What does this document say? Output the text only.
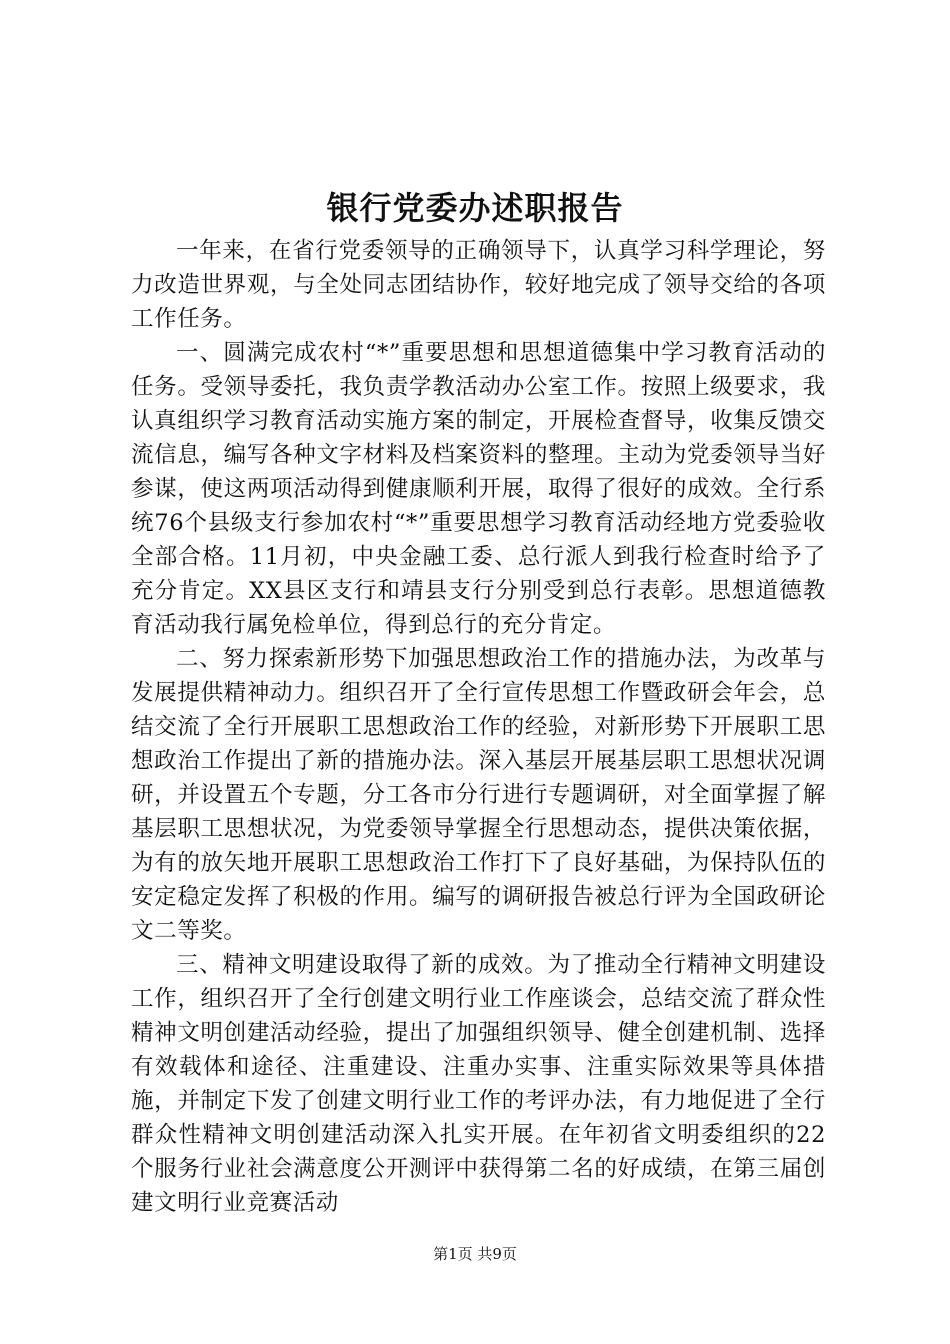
银行党委办述职报告

一年来，在省行党委领导的正确领导下，认真学习科学理论，努力改造世界观，与全处同志团结协作，较好地完成了领导交给的各项工作任务。

一、圆满完成农村“*”重要思想和思想道德集中学习教育活动的任务。受领导委托，我负责学教活动办公室工作。按照上级要求，我认真组织学习教育活动实施方案的制定，开展检查督导，收集反馈交流信息，编写各种文字材料及档案资料的整理。主动为党委领导当好参谋，使这两项活动得到健康顺利开展，取得了很好的成效。全行系统76个县级支行参加农村“*”重要思想学习教育活动经地方党委验收全部合格。11月初，中央金融工委、总行派人到我行检查时给予了充分肯定。XX县区支行和靖县支行分别受到总行表彰。思想道德教育活动我行属免检单位，得到总行的充分肯定。

二、努力探索新形势下加强思想政治工作的措施办法，为改革与发展提供精神动力。组织召开了全行宣传思想工作暨政研会年会，总结交流了全行开展职工思想政治工作的经验，对新形势下开展职工思想政治工作提出了新的措施办法。深入基层开展基层职工思想状况调研，并设置五个专题，分工各市分行进行专题调研，对全面掌握了解基层职工思想状况，为党委领导掌握全行思想动态，提供决策依据，为有的放矢地开展职工思想政治工作打下了良好基础，为保持队伍的安定稳定发挥了积极的作用。编写的调研报告被总行评为全国政研论文二等奖。

三、精神文明建设取得了新的成效。为了推动全行精神文明建设工作，组织召开了全行创建文明行业工作座谈会，总结交流了群众性精神文明创建活动经验，提出了加强组织领导、健全创建机制、选择有效载体和途径、注重建设、注重办实事、注重实际效果等具体措施，并制定下发了创建文明行业工作的考评办法，有力地促进了全行群众性精神文明创建活动深入扎实开展。在年初省文明委组织的22个服务行业社会满意度公开测评中获得第二名的好成绩，在第三届创建文明行业竞赛活动

第1页 共9页
